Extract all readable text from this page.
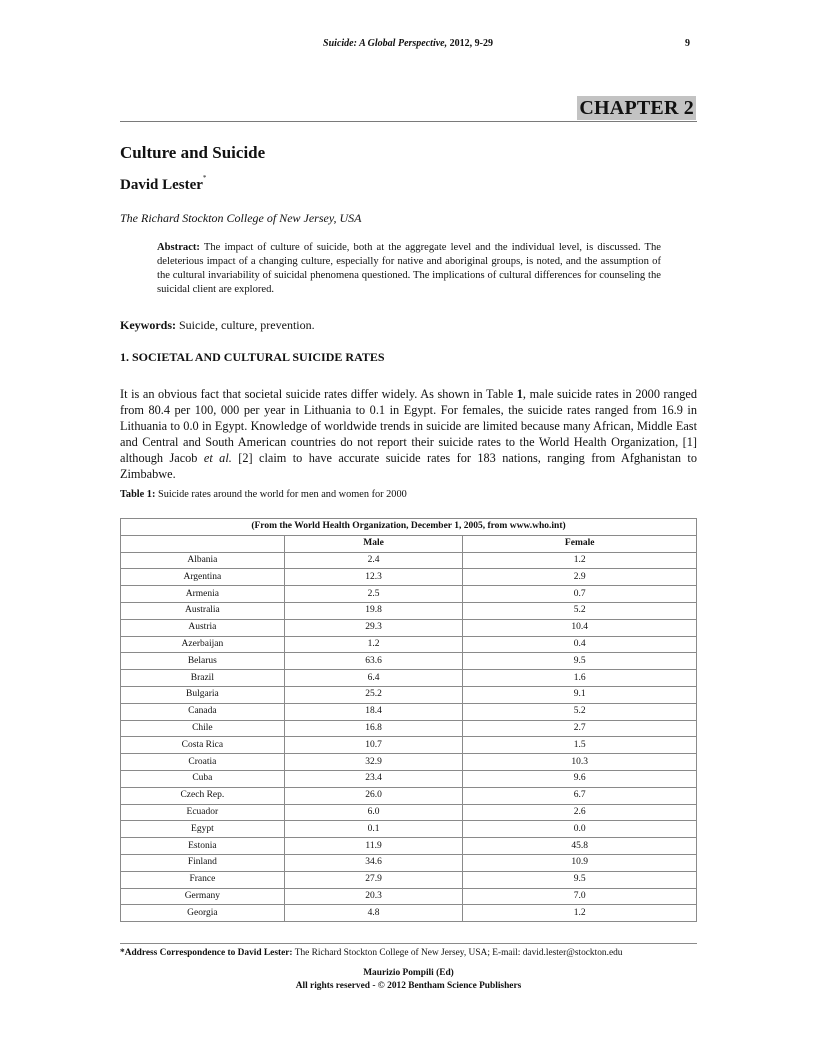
Suicide: A Global Perspective, 2012, 9-29	9
CHAPTER 2
Culture and Suicide
David Lester*
The Richard Stockton College of New Jersey, USA
Abstract: The impact of culture of suicide, both at the aggregate level and the individual level, is discussed. The deleterious impact of a changing culture, especially for native and aboriginal groups, is noted, and the assumption of the cultural invariability of suicidal phenomena questioned. The implications of cultural differences for counseling the suicidal client are explored.
Keywords: Suicide, culture, prevention.
1. SOCIETAL AND CULTURAL SUICIDE RATES
It is an obvious fact that societal suicide rates differ widely. As shown in Table 1, male suicide rates in 2000 ranged from 80.4 per 100, 000 per year in Lithuania to 0.1 in Egypt. For females, the suicide rates ranged from 16.9 in Lithuania to 0.0 in Egypt. Knowledge of worldwide trends in suicide are limited because many African, Middle East and Central and South American countries do not report their suicide rates to the World Health Organization, [1] although Jacob et al. [2] claim to have accurate suicide rates for 183 nations, ranging from Afghanistan to Zimbabwe.
Table 1: Suicide rates around the world for men and women for 2000
(From the World Health Organization, December 1, 2005, from www.who.int)		
	Male	Female
Albania	2.4	1.2
Argentina	12.3	2.9
Armenia	2.5	0.7
Australia	19.8	5.2
Austria	29.3	10.4
Azerbaijan	1.2	0.4
Belarus	63.6	9.5
Brazil	6.4	1.6
Bulgaria	25.2	9.1
Canada	18.4	5.2
Chile	16.8	2.7
Costa Rica	10.7	1.5
Croatia	32.9	10.3
Cuba	23.4	9.6
Czech Rep.	26.0	6.7
Ecuador	6.0	2.6
Egypt	0.1	0.0
Estonia	11.9	45.8
Finland	34.6	10.9
France	27.9	9.5
Germany	20.3	7.0
Georgia	4.8	1.2
*Address Correspondence to David Lester: The Richard Stockton College of New Jersey, USA; E-mail: david.lester@stockton.edu
Maurizio Pompili (Ed)
All rights reserved - © 2012 Bentham Science Publishers
